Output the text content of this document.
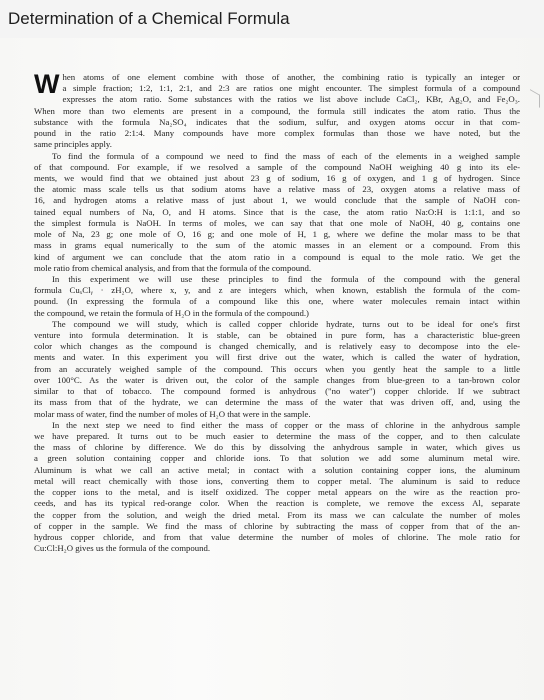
Determination of a Chemical Formula
W hen atoms of one element combine with those of another, the combining ratio is typically an integer or

a simple fraction; 1:2, 1:1, 2:1, and 2:3 are ratios one might encounter. The simplest formula of a compound

expresses the atom ratio. Some substances with the ratios we list above include CaCl₂, KBr, Ag₂O, and Fe₂O₃.

When more than two elements are present in a compound, the formula still indicates the atom ratio. Thus the

substance with the formula Na₂SO₄ indicates that the sodium, sulfur, and oxygen atoms occur in that com-

pound in the ratio 2:1:4. Many compounds have more complex formulas than those we have noted, but the

same principles apply.

To find the formula of a compound we need to find the mass of each of the elements in a weighed sample

of that compound. For example, if we resolved a sample of the compound NaOH weighing 40 g into its ele-

ments, we would find that we obtained just about 23 g of sodium, 16 g of oxygen, and 1 g of hydrogen. Since

the atomic mass scale tells us that sodium atoms have a relative mass of 23, oxygen atoms a relative mass of

16, and hydrogen atoms a relative mass of just about 1, we would conclude that the sample of NaOH con-

tained equal numbers of Na, O, and H atoms. Since that is the case, the atom ratio Na:O:H is 1:1:1, and so

the simplest formula is NaOH. In terms of moles, we can say that that one mole of NaOH, 40 g, contains one

mole of Na, 23 g; one mole of O, 16 g; and one mole of H, 1 g, where we define the molar mass to be that

mass in grams equal numerically to the sum of the atomic masses in an element or a compound. From this

kind of argument we can conclude that the atom ratio in a compound is equal to the mole ratio. We get the

mole ratio from chemical analysis, and from that the formula of the compound.

In this experiment we will use these principles to find the formula of the compound with the general

formula CuₓClᵧ · zH₂O, where x, y, and z are integers which, when known, establish the formula of the com-

pound. (In expressing the formula of a compound like this one, where water molecules remain intact within

the compound, we retain the formula of H₂O in the formula of the compound.)

The compound we will study, which is called copper chloride hydrate, turns out to be ideal for one's first

venture into formula determination. It is stable, can be obtained in pure form, has a characteristic blue-green

color which changes as the compound is changed chemically, and is relatively easy to decompose into the ele-

ments and water. In this experiment you will first drive out the water, which is called the water of hydration,

from an accurately weighed sample of the compound. This occurs when you gently heat the sample to a little

over 100°C. As the water is driven out, the color of the sample changes from blue-green to a tan-brown color

similar to that of tobacco. The compound formed is anhydrous ("no water") copper chloride. If we subtract

its mass from that of the hydrate, we can determine the mass of the water that was driven off, and, using the

molar mass of water, find the number of moles of H₂O that were in the sample.

In the next step we need to find either the mass of copper or the mass of chlorine in the anhydrous sample

we have prepared. It turns out to be much easier to determine the mass of the copper, and to then calculate

the mass of chlorine by difference. We do this by dissolving the anhydrous sample in water, which gives us

a green solution containing copper and chloride ions. To that solution we add some aluminum metal wire.

Aluminum is what we call an active metal; in contact with a solution containing copper ions, the aluminum

metal will react chemically with those ions, converting them to copper metal. The aluminum is said to reduce

the copper ions to the metal, and is itself oxidized. The copper metal appears on the wire as the reaction pro-

ceeds, and has its typical red-orange color. When the reaction is complete, we remove the excess Al, separate

the copper from the solution, and weigh the dried metal. From its mass we can calculate the number of moles

of copper in the sample. We find the mass of chlorine by subtracting the mass of copper from that of the an-

hydrous copper chloride, and from that value determine the number of moles of chlorine. The mole ratio for

Cu:Cl:H₂O gives us the formula of the compound.
